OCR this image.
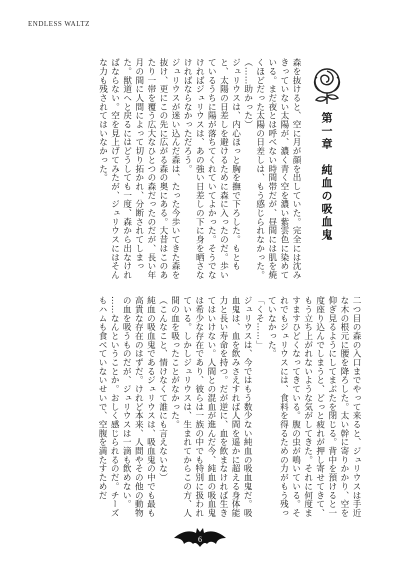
ENDLESS WALTZ
第一章　純血の吸血鬼

森を抜けると、空に月が顔を出していた。完全には沈みきっていない太陽が、濃く青く空を濃い紫雲色に染めている。まだ夜とは呼べない時間帯だが、昼間には肌を焼くほどだった太陽の日差しは、もう感じられなかった。

（……助かった）

ジュリウスは、内心ほっと胸を撫で下ろした。もともと、太陽の日差しを避けるために森に入ったのだ。歩いているうちに陽が落ちてくれていてよかった。そうでなければジュリウスは、あの強い日差しの下に身を晒さなければならなかっただろう。

ジュリウスが迷い込んだ森は、たった今歩いてきた森を抜け、更にこの先に広がる森の奥にある。大昔はこのあたり一帯を覆う広大なひとつの森だったのだが、長い年月の間に人間によって切り拓かれ、分断されてしまった。獣道へと戻るにはどうしても一度、森から出なければならない。空を見上げてみたが、ジュリウスにはそんな力も残されてはいなかった。

二つ目の森の入口までやって来ると、ジュリウスは手近な木の根元に腰を降ろした。太い幹に寄りかかり、空を仰ぎ見るようにしてまぶたを閉じる。背中を預けると一度座り込んでしまうと、どっと疲れが押し寄せてきて、もう立ち上がれないような気がしてきた。それに何度ますますひどくなってきている。腹の虫が鳴いている。それでもジュリウスには、食料を得るための力がもう残っていなかった。

「くそ……」

ジュリウスは、今ではもう数少ない純血の吸血鬼だ。吸血鬼は、血を飲みさえすれば人間を遥かに超える身体能力と長い寿命を持つ。だが逆に、血を飲まなければ生きてはいけない。人間との混血が進んだ今、純血の吸血鬼は希少な存在であり、彼らは一族の中でも特別に扱われている。しかしジュリウスは、生まれてからこの方、人間の血を吸ったことがなかった。

（こんなこと、情けなくて誰にも言えないな）

純血の吸血鬼であるジュリウスは、吸血鬼の中でも最も高貴な存在のはずだ。けれど本来、人間やその他の動物の血を吸うものだが、ジュリウスは一滴も飲めない。

……なんということか。おしく感じられるのだ。チーズもハムも食べていないせいで、空腹を満たすためだ

6
